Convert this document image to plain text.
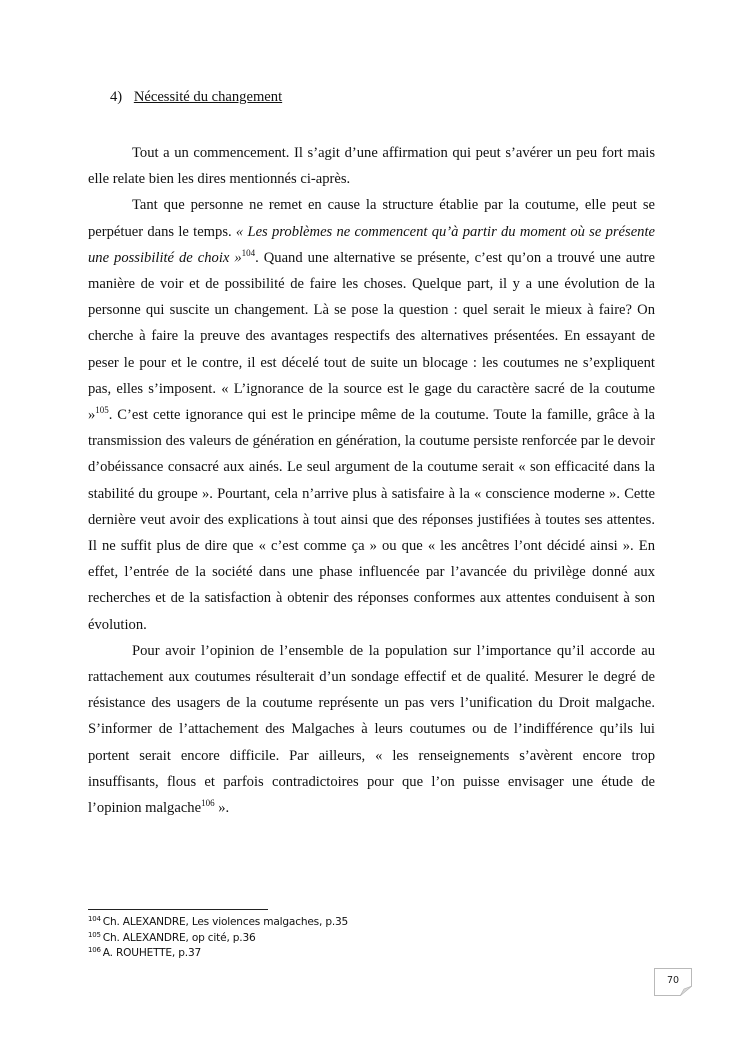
4) Nécessité du changement

Tout a un commencement. Il s’agit d’une affirmation qui peut s’avérer un peu fort mais elle relate bien les dires mentionnés ci-après.

Tant que personne ne remet en cause la structure établie par la coutume, elle peut se perpétuer dans le temps. « Les problèmes ne commencent qu’à partir du moment où se présente une possibilité de choix »$^{104}$. Quand une alternative se présente, c’est qu’on a trouvé une autre manière de voir et de possibilité de faire les choses. Quelque part, il y a une évolution de la personne qui suscite un changement. Là se pose la question : quel serait le mieux à faire? On cherche à faire la preuve des avantages respectifs des alternatives présentées. En essayant de peser le pour et le contre, il est décelé tout de suite un blocage : les coutumes ne s’expliquent pas, elles s’imposent. « L’ignorance de la source est le gage du caractère sacré de la coutume »$^{105}$. C’est cette ignorance qui est le principe même de la coutume. Toute la famille, grâce à la transmission des valeurs de génération en génération, la coutume persiste renforcée par le devoir d’obéissance consacré aux ainés. Le seul argument de la coutume serait « son efficacité dans la stabilité du groupe ». Pourtant, cela n’arrive plus à satisfaire à la « conscience moderne ». Cette dernière veut avoir des explications à tout ainsi que des réponses justifiées à toutes ses attentes. Il ne suffit plus de dire que « c’est comme ça » ou que « les ancêtres l’ont décidé ainsi ». En effet, l’entrée de la société dans une phase influencée par l’avancée du privilège donné aux recherches et de la satisfaction à obtenir des réponses conformes aux attentes conduisent à son évolution.

Pour avoir l’opinion de l’ensemble de la population sur l’importance qu’il accorde au rattachement aux coutumes résulterait d’un sondage effectif et de qualité. Mesurer le degré de résistance des usagers de la coutume représente un pas vers l’unification du Droit malgache. S’informer de l’attachement des Malgaches à leurs coutumes ou de l’indifférence qu’ils lui portent serait encore difficile. Par ailleurs, « les renseignements s’avèrent encore trop insuffisants, flous et parfois contradictoires pour que l’on puisse envisager une étude de l’opinion malgache$^{106}$ ».

$^{104}$ Ch. ALEXANDRE, Les violences malgaches, p.35
$^{105}$ Ch. ALEXANDRE, op cité, p.36
$^{106}$ A. ROUHETTE, p.37
70
